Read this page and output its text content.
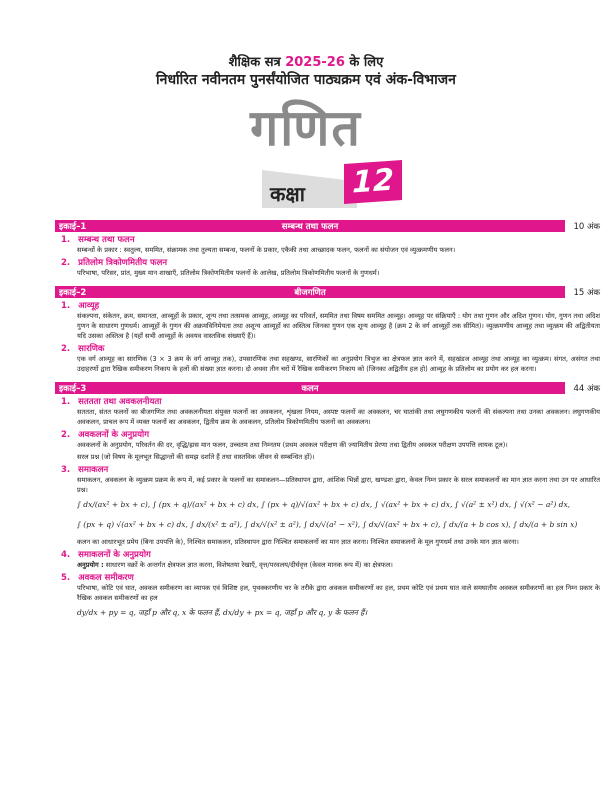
शैक्षिक सत्र 2025-26 के लिए
निर्धारित नवीनतम पुनर्संयोजित पाठ्यक्रम एवं अंक-विभाजन
गणित
कक्षा 12
इकाई–1	सम्बन्ध तथा फलन	10 अंक
1. सम्बन्ध तथा फलन
सम्बन्धों के प्रकार : स्वतुल्य, सममित, संक्रामक तथा तुल्यता सम्बन्ध, फलनों के प्रकार, एकैकी तथा आच्छादक फलन, फलनों का संयोजन एवं व्युत्क्रमणीय फलन।
2. प्रतिलोम त्रिकोणमितीय फलन
परिभाषा, परिसर, प्रांत, मुख्य मान शाखाएँ, प्रतिलोम त्रिकोणमितीय फलनों के आलेख, प्रतिलोम त्रिकोणमितीय फलनों के गुणधर्म।
इकाई–2	बीजगणित	15 अंक
1. आव्यूह
संकल्पना, संकेतन, क्रम, समानता, आव्यूहों के प्रकार, शून्य तथा तत्समक आव्यूह, आव्यूह का परिवर्त, सममित तथा विषम सममित आव्यूह। आव्यूह पर संक्रियाएँ : योग तथा गुणन और अदिश गुणन। योग, गुणन तथा अदिश गुणन के साधारण गुणधर्म। आव्यूहों के गुणन की अक्रमविनिमेयता तथा अशून्य आव्यूहों का अस्तित्व जिनका गुणन एक शून्य आव्यूह है (क्रम 2 के वर्ग आव्यूहों तक सीमित)। व्युत्क्रमणीय आव्यूह तथा व्युत्क्रम की अद्वितीयता यदि उसका अस्तित्व है (यहाँ सभी आव्यूहों के अवयव वास्तविक संख्याएँ हैं)।
2. सारणिक
एक वर्ग आव्यूह का सारणिक (3 × 3 क्रम के वर्ग आव्यूह तक), उपसारणिक तथा सहखण्ड, सारणिकों का अनुप्रयोग त्रिभुज का क्षेत्रफल ज्ञात करने में, सहखंडज आव्यूह तथा आव्यूह का व्युत्क्रम। संगत, असंगत तथा उदाहरणों द्वारा रैखिक समीकरण निकाय के हलों की संख्या ज्ञात करना। दो अथवा तीन चरों में रैखिक समीकरण निकाय को (जिनका अद्वितीय हल हो) आव्यूह के प्रतिलोम का प्रयोग कर हल करना।
इकाई–3	कलन	44 अंक
1. सततता तथा अवकलनीयता
सततता, संतत फलनों का बीजगणित तथा अवकलनीयता संयुक्त फलनों का अवकलन, शृंखला नियम, अस्पष्ट फलनों का अवकलन, चर घातांकी तथा लघुगणकीय फलनों की संकल्पना तथा उनका अवकलन। लघुगणकीय अवकलन, प्राचल रूप में व्यक्त फलनों का अवकलन, द्वितीय क्रम के अवकलन, प्रतिलोम त्रिकोणमितीय फलनों का अवकलन।
2. अवकलनों के अनुप्रयोग
अवकलनों के अनुप्रयोग, परिवर्तन की दर, वृद्धि/ह्रास मान फलन, उच्चतम तथा निम्नतम (प्रथम अवकल परीक्षण की ज्यामितीय प्रेरणा तथा द्वितीय अवकल परीक्षण उपपत्ति लायक टूल)।
सरल प्रश्न (जो विषय के मूलभूत सिद्धान्तों की समझ दर्शाते हैं तथा वास्तविक जीवन से सम्बन्धित हों)।
3. समाकलन
समाकलन, अवकलन के व्युत्क्रम प्रक्रम के रूप में, कई प्रकार के फलनों का समाकलन—प्रतिस्थापन द्वारा, आंशिक भिन्नों द्वारा, खण्डशः द्वारा, केवल निम्न प्रकार के सरल समाकलनों का मान ज्ञात करना तथा उन पर आधारित प्रश्न।
∫ dx/(ax² + bx + c), ∫ (px + q)/(ax² + bx + c) dx, ∫ (px + q)/√(ax² + bx + c) dx, ∫ √(ax² + bx + c) dx, ∫ √(a² ± x²) dx, ∫ √(x² − a²) dx,
∫ (px + q) √(ax² + bx + c) dx, ∫ dx/(x² ± a²), ∫ dx/√(x² ± a²), ∫ dx/√(a² − x²), ∫ dx/√(ax² + bx + c), ∫ dx/(a + b cos x), ∫ dx/(a + b sin x)
कलन का आधारभूत प्रमेय (बिना उपपत्ति के), निश्चित समाकलन, प्रतिस्थापन द्वारा निश्चित समाकलनों का मान ज्ञात करना। निश्चित समाकलनों के मूल गुणधर्म तथा उनके मान ज्ञात करना।
4. समाकलनों के अनुप्रयोग
अनुप्रयोग : साधारण वक्रों के अन्तर्गत क्षेत्रफल ज्ञात करना, विशेषतया रेखाएँ, वृत्त/परवलय/दीर्घवृत्त (केवल मानक रूप में) का क्षेत्रफल।
5. अवकल समीकरण
परिभाषा, कोटि एवं घात, अवकल समीकरण का व्यापक एवं विशिष्ट हल, पृथक्करणीय चर के तरीके द्वारा अवकल समीकरणों का हल, प्रथम कोटि एवं प्रथम घात वाले समघातीय अवकल समीकरणों का हल निम्न प्रकार के रैखिक अवकल समीकरणों का हल
dy/dx + py = q, जहाँ p और q, x के फलन हैं, dx/dy + px = q, जहाँ p और q, y के फलन हैं।
